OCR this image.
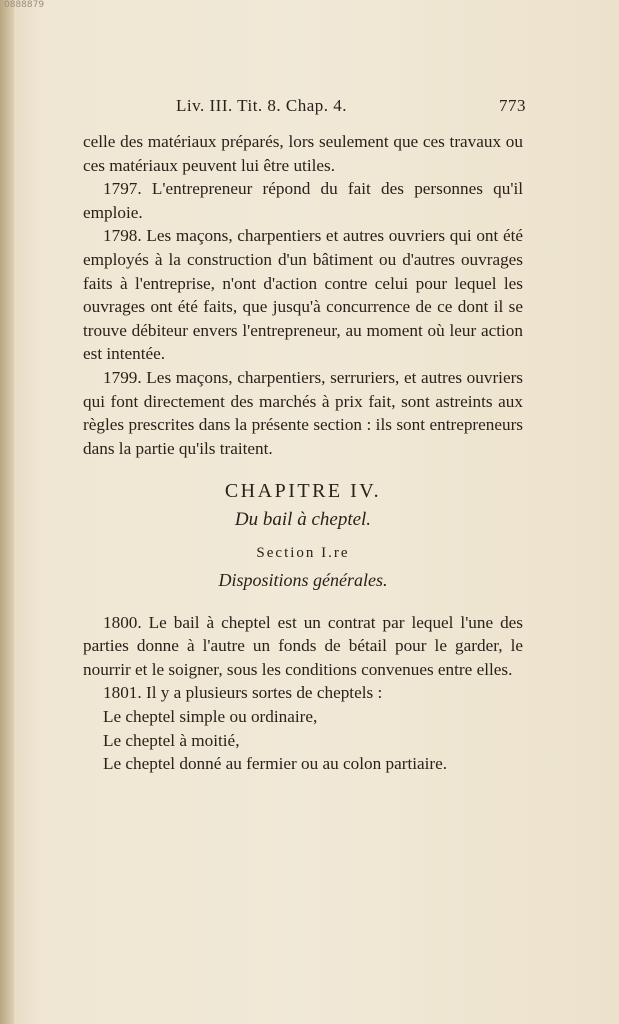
0888879
Liv. III. Tit. 8. Chap. 4.	773

celle des matériaux préparés, lors seulement que ces travaux ou ces matériaux peuvent lui être utiles.

1797. L'entrepreneur répond du fait des personnes qu'il emploie.

1798. Les maçons, charpentiers et autres ouvriers qui ont été employés à la construction d'un bâtiment ou d'autres ouvrages faits à l'entreprise, n'ont d'action contre celui pour lequel les ouvrages ont été faits, que jusqu'à concurrence de ce dont il se trouve débiteur envers l'entrepreneur, au moment où leur action est intentée.

1799. Les maçons, charpentiers, serruriers, et autres ouvriers qui font directement des marchés à prix fait, sont astreints aux règles prescrites dans la présente section : ils sont entrepreneurs dans la partie qu'ils traitent.

CHAPITRE IV.
Du bail à cheptel.
Section I.re
Dispositions générales.

1800. Le bail à cheptel est un contrat par lequel l'une des parties donne à l'autre un fonds de bétail pour le garder, le nourrir et le soigner, sous les conditions convenues entre elles.

1801. Il y a plusieurs sortes de cheptels :

Le cheptel simple ou ordinaire,

Le cheptel à moitié,

Le cheptel donné au fermier ou au colon partiaire.
